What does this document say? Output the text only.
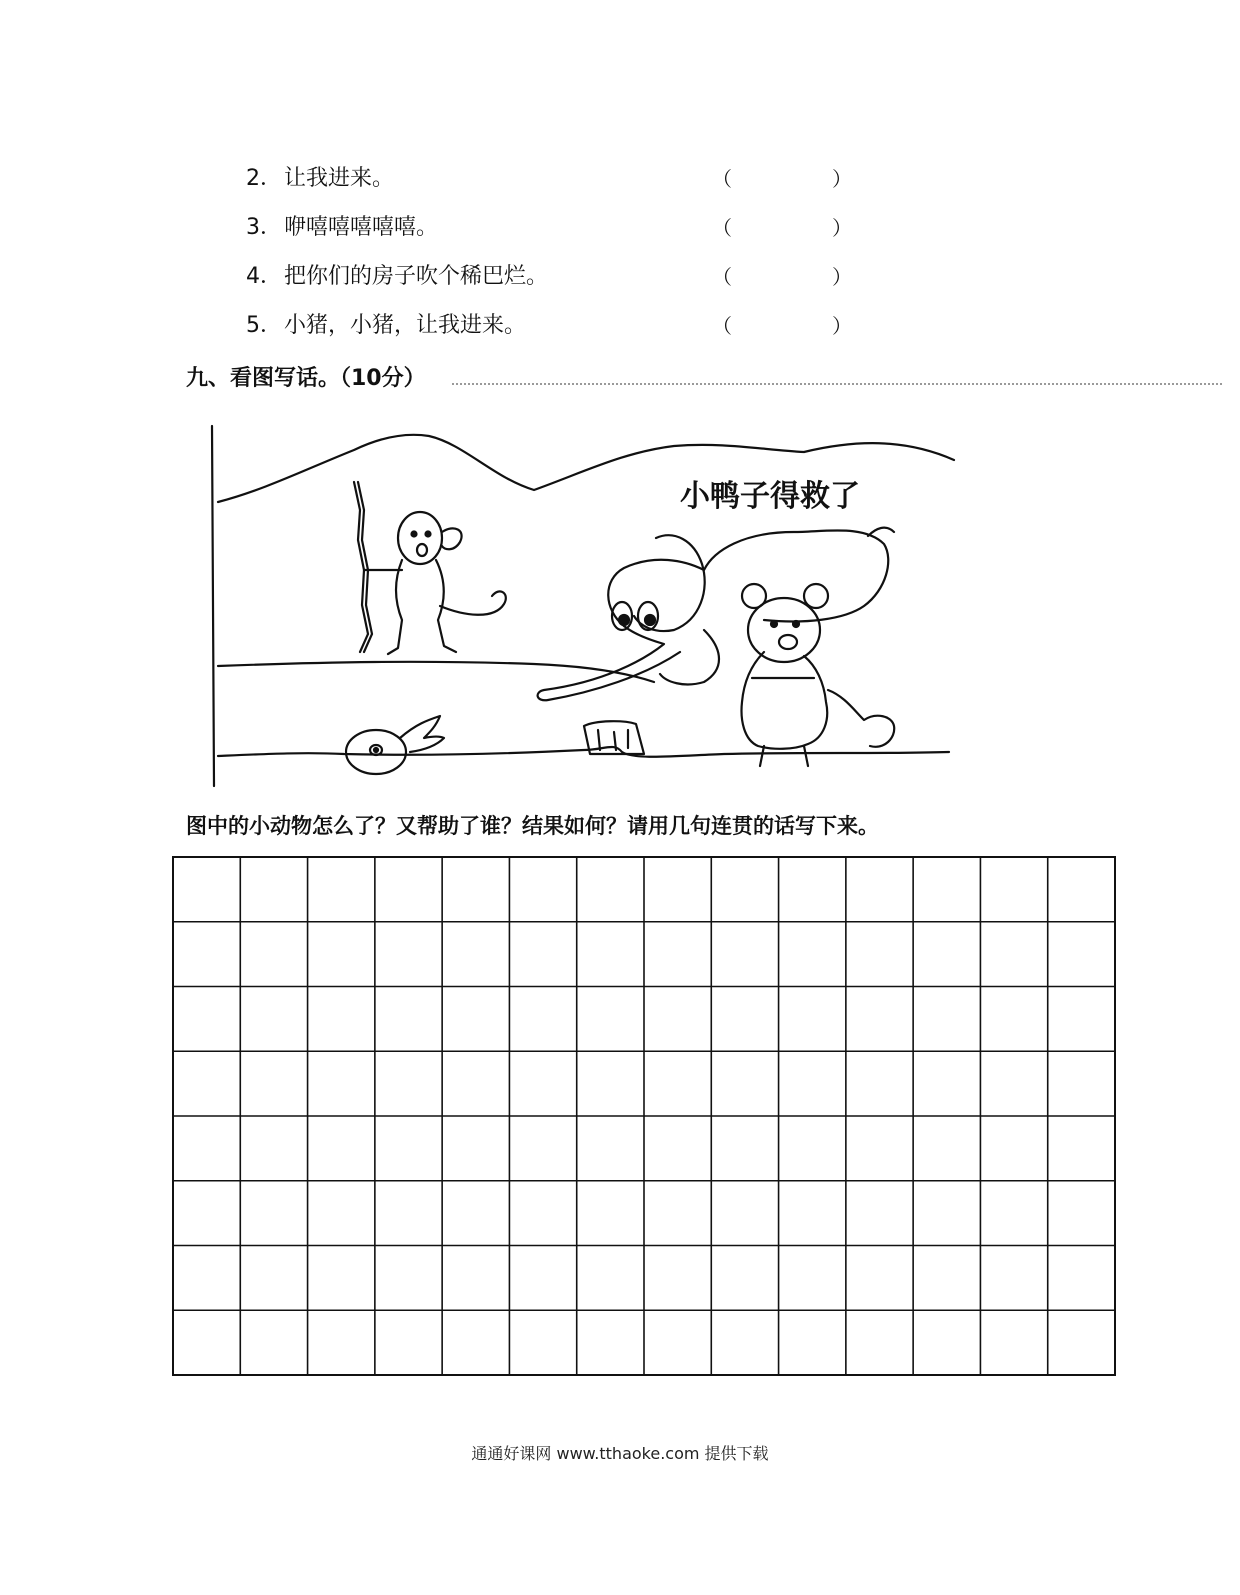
2．让我进来。	（	）
3．咿嘻嘻嘻嘻嘻。	（	）
4．把你们的房子吹个稀巴烂。	（	）
5．小猪，小猪，让我进来。	（	）
九、看图写话。（10分）
小鸭子得救了
图中的小动物怎么了？又帮助了谁？结果如何？请用几句连贯的话写下来。
通通好课网 www.tthaoke.com 提供下载
